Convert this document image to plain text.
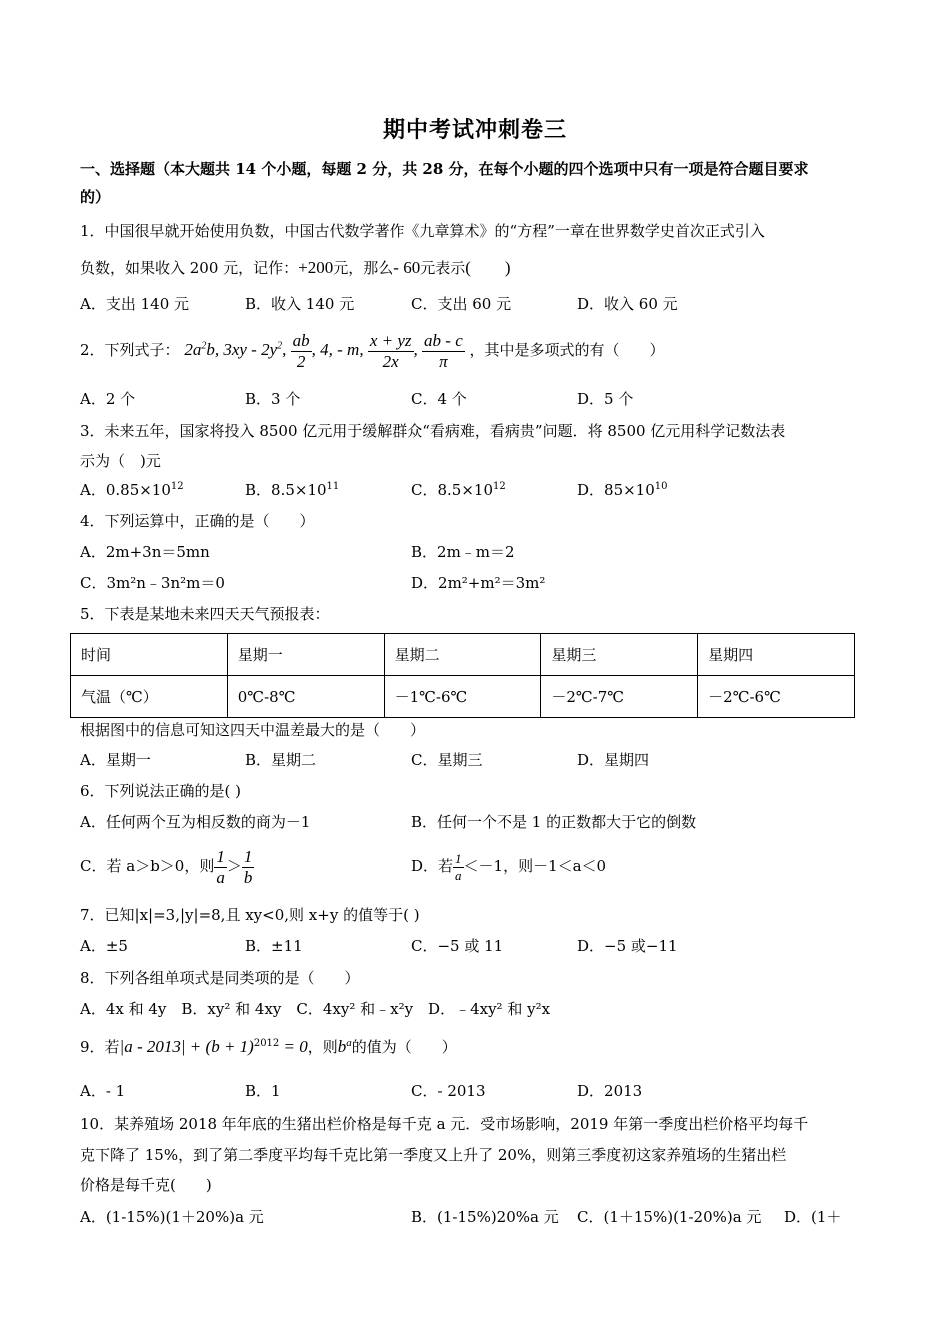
期中考试冲刺卷三
一、选择题（本大题共 14 个小题，每题 2 分，共 28 分，在每个小题的四个选项中只有一项是符合题目要求
的）
1．中国很早就开始使用负数，中国古代数学著作《九章算术》的“方程”一章在世界数学史首次正式引入
负数，如果收入 200 元，记作：+200元，那么- 60元表示(　　)
A．支出 140 元	B．收入 140 元	C．支出 60 元	D．收入 60 元
2．下列式子： $2a^2b$, $3xy - 2y^2$, $\frac{ab}{2}$ , 4, - m, $\frac{x + yz}{2x}$ , $\frac{ab - c}{\pi}$ ，其中是多项式的有（　　）
A．2 个	B．3 个	C．4 个	D．5 个
3．未来五年，国家将投入 8500 亿元用于缓解群众“看病难，看病贵”问题．将 8500 亿元用科学记数法表
示为（　)元
A．$0.85\times 10^{12}$	B．$8.5\times 10^{11}$	C．$8.5\times 10^{12}$	D．$85\times 10^{10}$
4．下列运算中，正确的是（　　）
A．2m+3n＝5mn	B．2m﹣m＝2
C．3m²n﹣3n²m＝0	D．2m²+m²＝3m²
5．下表是某地未来四天天气预报表：
时间	星期一	星期二	星期三	星期四
气温（℃）	0℃-8℃	－1℃-6℃	－2℃-7℃	－2℃-6℃
根据图中的信息可知这四天中温差最大的是（　　）
A．星期一	B．星期二	C．星期三	D．星期四
6．下列说法正确的是( )
A．任何两个互为相反数的商为－1	B．任何一个不是 1 的正数都大于它的倒数
C．若 a＞b＞0，则 $\frac{1}{a} > \frac{1}{b}$	D．若 $\frac{1}{a} <-1$，则－1＜a＜0
7．已知|x|=3,|y|=8,且 xy<0,则 x+y 的值等于( )
A．±5	B．±11	C．−5 或 11	D．−5 或−11
8．下列各组单项式是同类项的是（　　）
A．4x 和 4y　B．xy² 和 4xy　C．4xy² 和﹣x²y　D．﹣4xy² 和 y²x
9．若$|a - 2013| + (b + 1)^{2012} = 0$，则$b^a$的值为（　　）
A．- 1	B．1	C．- 2013	D．2013
10．某养殖场 2018 年年底的生猪出栏价格是每千克 a 元．受市场影响，2019 年第一季度出栏价格平均每千
克下降了 15%，到了第二季度平均每千克比第一季度又上升了 20%，则第三季度初这家养殖场的生猪出栏
价格是每千克(　　)
A．(1-15%)(1＋20%)a 元	B．(1-15%)20%a 元 C．(1＋15%)(1-20%)a 元 D．(1＋
